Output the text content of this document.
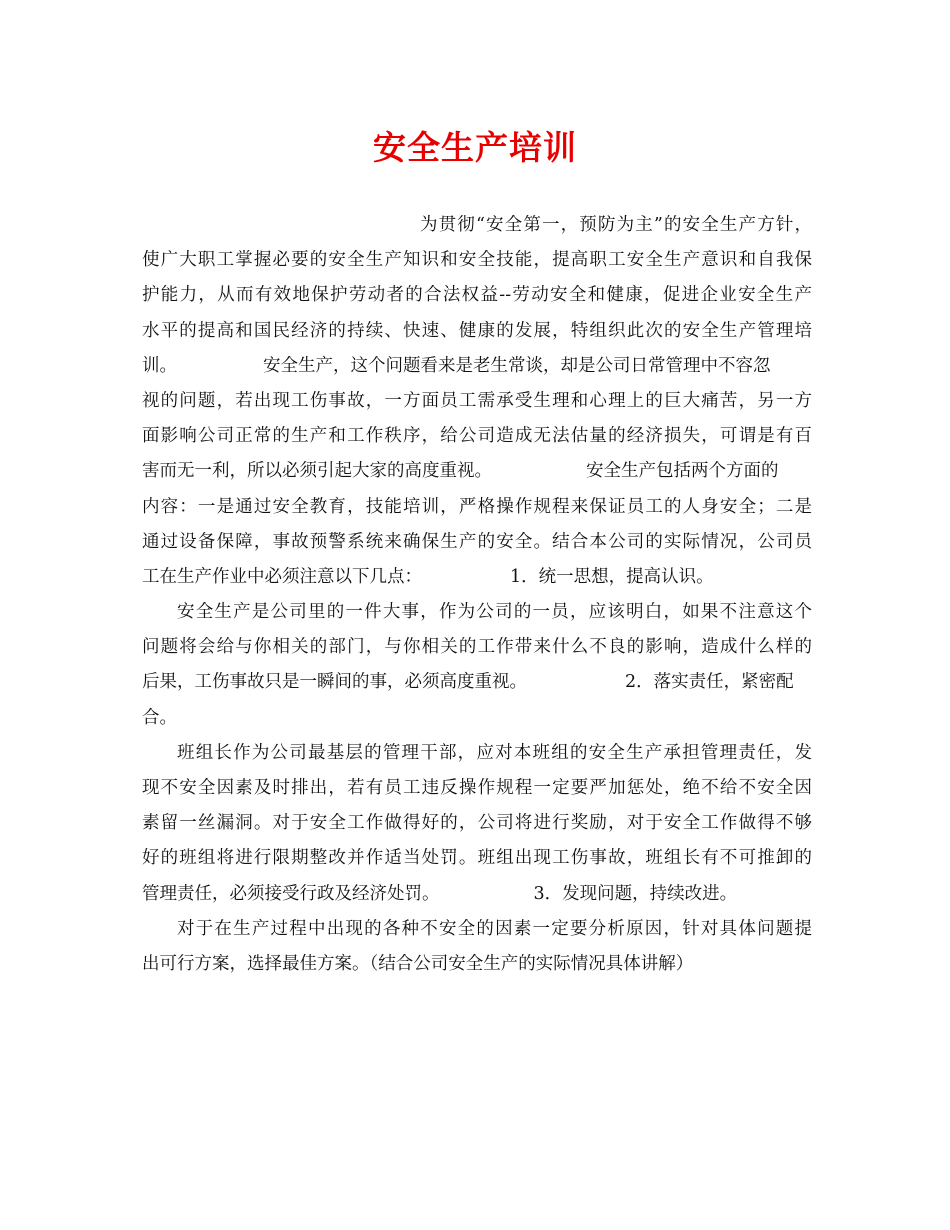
安全生产培训
为贯彻“安全第一，预防为主”的安全生产方针，
使广大职工掌握必要的安全生产知识和安全技能，提高职工安全生产意识和自我保
护能力，从而有效地保护劳动者的合法权益--劳动安全和健康，促进企业安全生产
水平的提高和国民经济的持续、快速、健康的发展，特组织此次的安全生产管理培
训。	安全生产，这个问题看来是老生常谈，却是公司日常管理中不容忽
视的问题，若出现工伤事故，一方面员工需承受生理和心理上的巨大痛苦，另一方
面影响公司正常的生产和工作秩序，给公司造成无法估量的经济损失，可谓是有百
害而无一利，所以必须引起大家的高度重视。	安全生产包括两个方面的
内容：一是通过安全教育，技能培训，严格操作规程来保证员工的人身安全；二是
通过设备保障，事故预警系统来确保生产的安全。结合本公司的实际情况，公司员
工在生产作业中必须注意以下几点：	1．统一思想，提高认识。
安全生产是公司里的一件大事，作为公司的一员，应该明白，如果不注意这个
问题将会给与你相关的部门，与你相关的工作带来什么不良的影响，造成什么样的
后果，工伤事故只是一瞬间的事，必须高度重视。	2．落实责任，紧密配
合。
班组长作为公司最基层的管理干部，应对本班组的安全生产承担管理责任，发
现不安全因素及时排出，若有员工违反操作规程一定要严加惩处，绝不给不安全因
素留一丝漏洞。对于安全工作做得好的，公司将进行奖励，对于安全工作做得不够
好的班组将进行限期整改并作适当处罚。班组出现工伤事故，班组长有不可推卸的
管理责任，必须接受行政及经济处罚。	3．发现问题，持续改进。
对于在生产过程中出现的各种不安全的因素一定要分析原因，针对具体问题提
出可行方案，选择最佳方案。（结合公司安全生产的实际情况具体讲解）
